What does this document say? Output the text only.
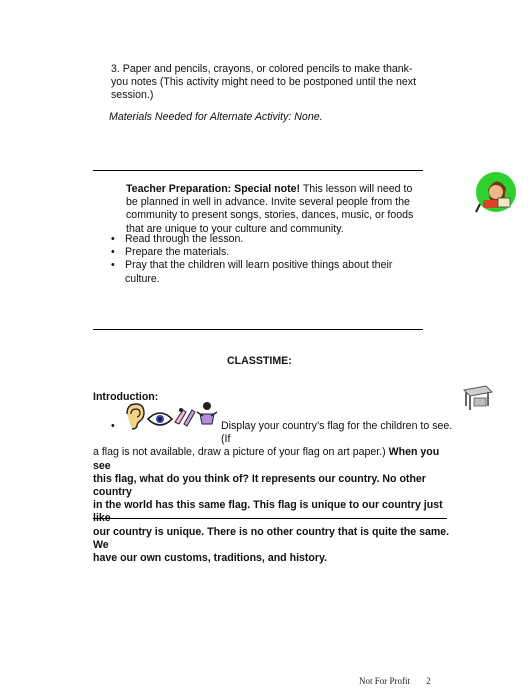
3. Paper and pencils, crayons, or colored pencils to make thank-
you notes (This activity might need to be postponed until the next
session.)
Materials Needed for Alternate Activity: None.
Teacher Preparation: Special note! This lesson will need to
be planned in well in advance. Invite several people from the
community to present songs, stories, dances, music, or foods
that are unique to your culture and community.
• Read through the lesson.
• Prepare the materials.
• Pray that the children will learn positive things about their culture.
CLASSTIME:
Introduction:
•	Display your country’s flag for the children to see. (If
a flag is not available, draw a picture of your flag on art paper.) When you see
this flag, what do you think of? It represents our country. No other country
in the world has this same flag. This flag is unique to our country just like
our country is unique. There is no other country that is quite the same. We
have our own customs, traditions, and history.
Not For Profit 2
